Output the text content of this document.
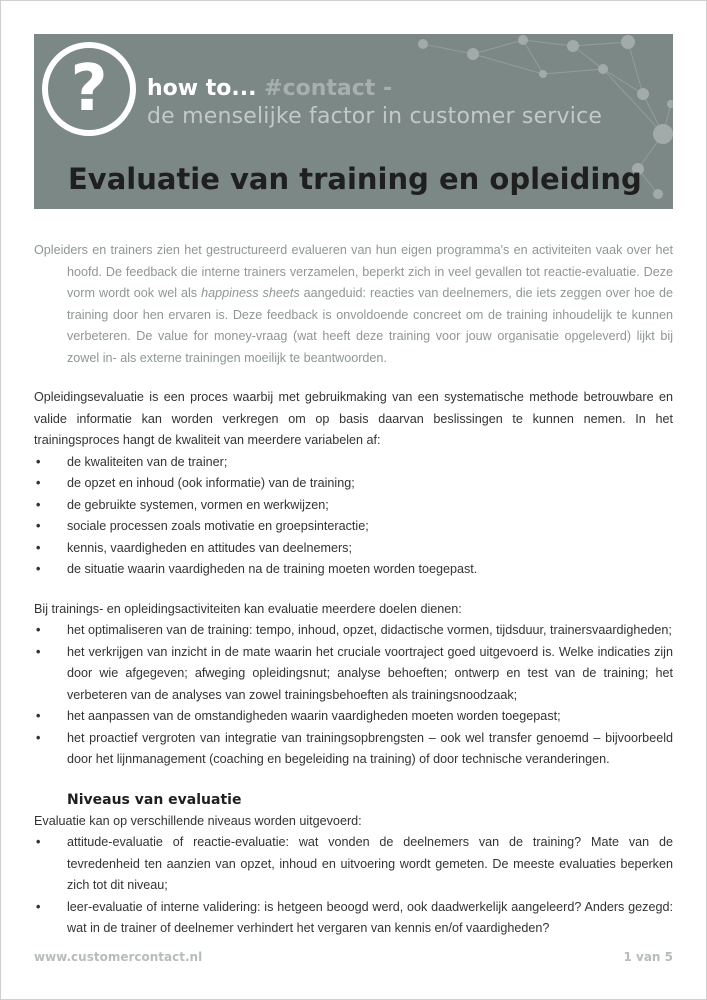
?	how to... #contact -
de menselijke factor in customer service
Evaluatie van training en opleiding

Opleiders en trainers zien het gestructureerd evalueren van hun eigen programma's en activiteiten vaak over het hoofd. De feedback die interne trainers verzamelen, beperkt zich in veel gevallen tot reactie-evaluatie. Deze vorm wordt ook wel als happiness sheets aangeduid: reacties van deelnemers, die iets zeggen over hoe de training door hen ervaren is. Deze feedback is onvoldoende concreet om de training inhoudelijk te kunnen verbeteren. De value for money-vraag (wat heeft deze training voor jouw organisatie opgeleverd) lijkt bij zowel in- als externe trainingen moeilijk te beantwoorden.

Opleidingsevaluatie is een proces waarbij met gebruikmaking van een systematische methode betrouwbare en valide informatie kan worden verkregen om op basis daarvan beslissingen te kunnen nemen. In het trainingsproces hangt de kwaliteit van meerdere variabelen af:

• de kwaliteiten van de trainer;
• de opzet en inhoud (ook informatie) van de training;
• de gebruikte systemen, vormen en werkwijzen;
• sociale processen zoals motivatie en groepsinteractie;
• kennis, vaardigheden en attitudes van deelnemers;
• de situatie waarin vaardigheden na de training moeten worden toegepast.

Bij trainings- en opleidingsactiviteiten kan evaluatie meerdere doelen dienen:

• het optimaliseren van de training: tempo, inhoud, opzet, didactische vormen, tijdsduur, trainersvaardigheden;
• het verkrijgen van inzicht in de mate waarin het cruciale voortraject goed uitgevoerd is. Welke indicaties zijn door wie afgegeven; afweging opleidingsnut; analyse behoeften; ontwerp en test van de training; het verbeteren van de analyses van zowel trainingsbehoeften als trainingsnoodzaak;
• het aanpassen van de omstandigheden waarin vaardigheden moeten worden toegepast;
• het proactief vergroten van integratie van trainingsopbrengsten – ook wel transfer genoemd – bijvoorbeeld door het lijnmanagement (coaching en begeleiding na training) of door technische veranderingen.
Niveaus van evaluatie

Evaluatie kan op verschillende niveaus worden uitgevoerd:

• attitude-evaluatie of reactie-evaluatie: wat vonden de deelnemers van de training? Mate van de tevredenheid ten aanzien van opzet, inhoud en uitvoering wordt gemeten. De meeste evaluaties beperken zich tot dit niveau;
• leer-evaluatie of interne validering: is hetgeen beoogd werd, ook daadwerkelijk aangeleerd? Anders gezegd: wat in de trainer of deelnemer verhindert het vergaren van kennis en/of vaardigheden?
www.customercontact.nl	1 van 5
